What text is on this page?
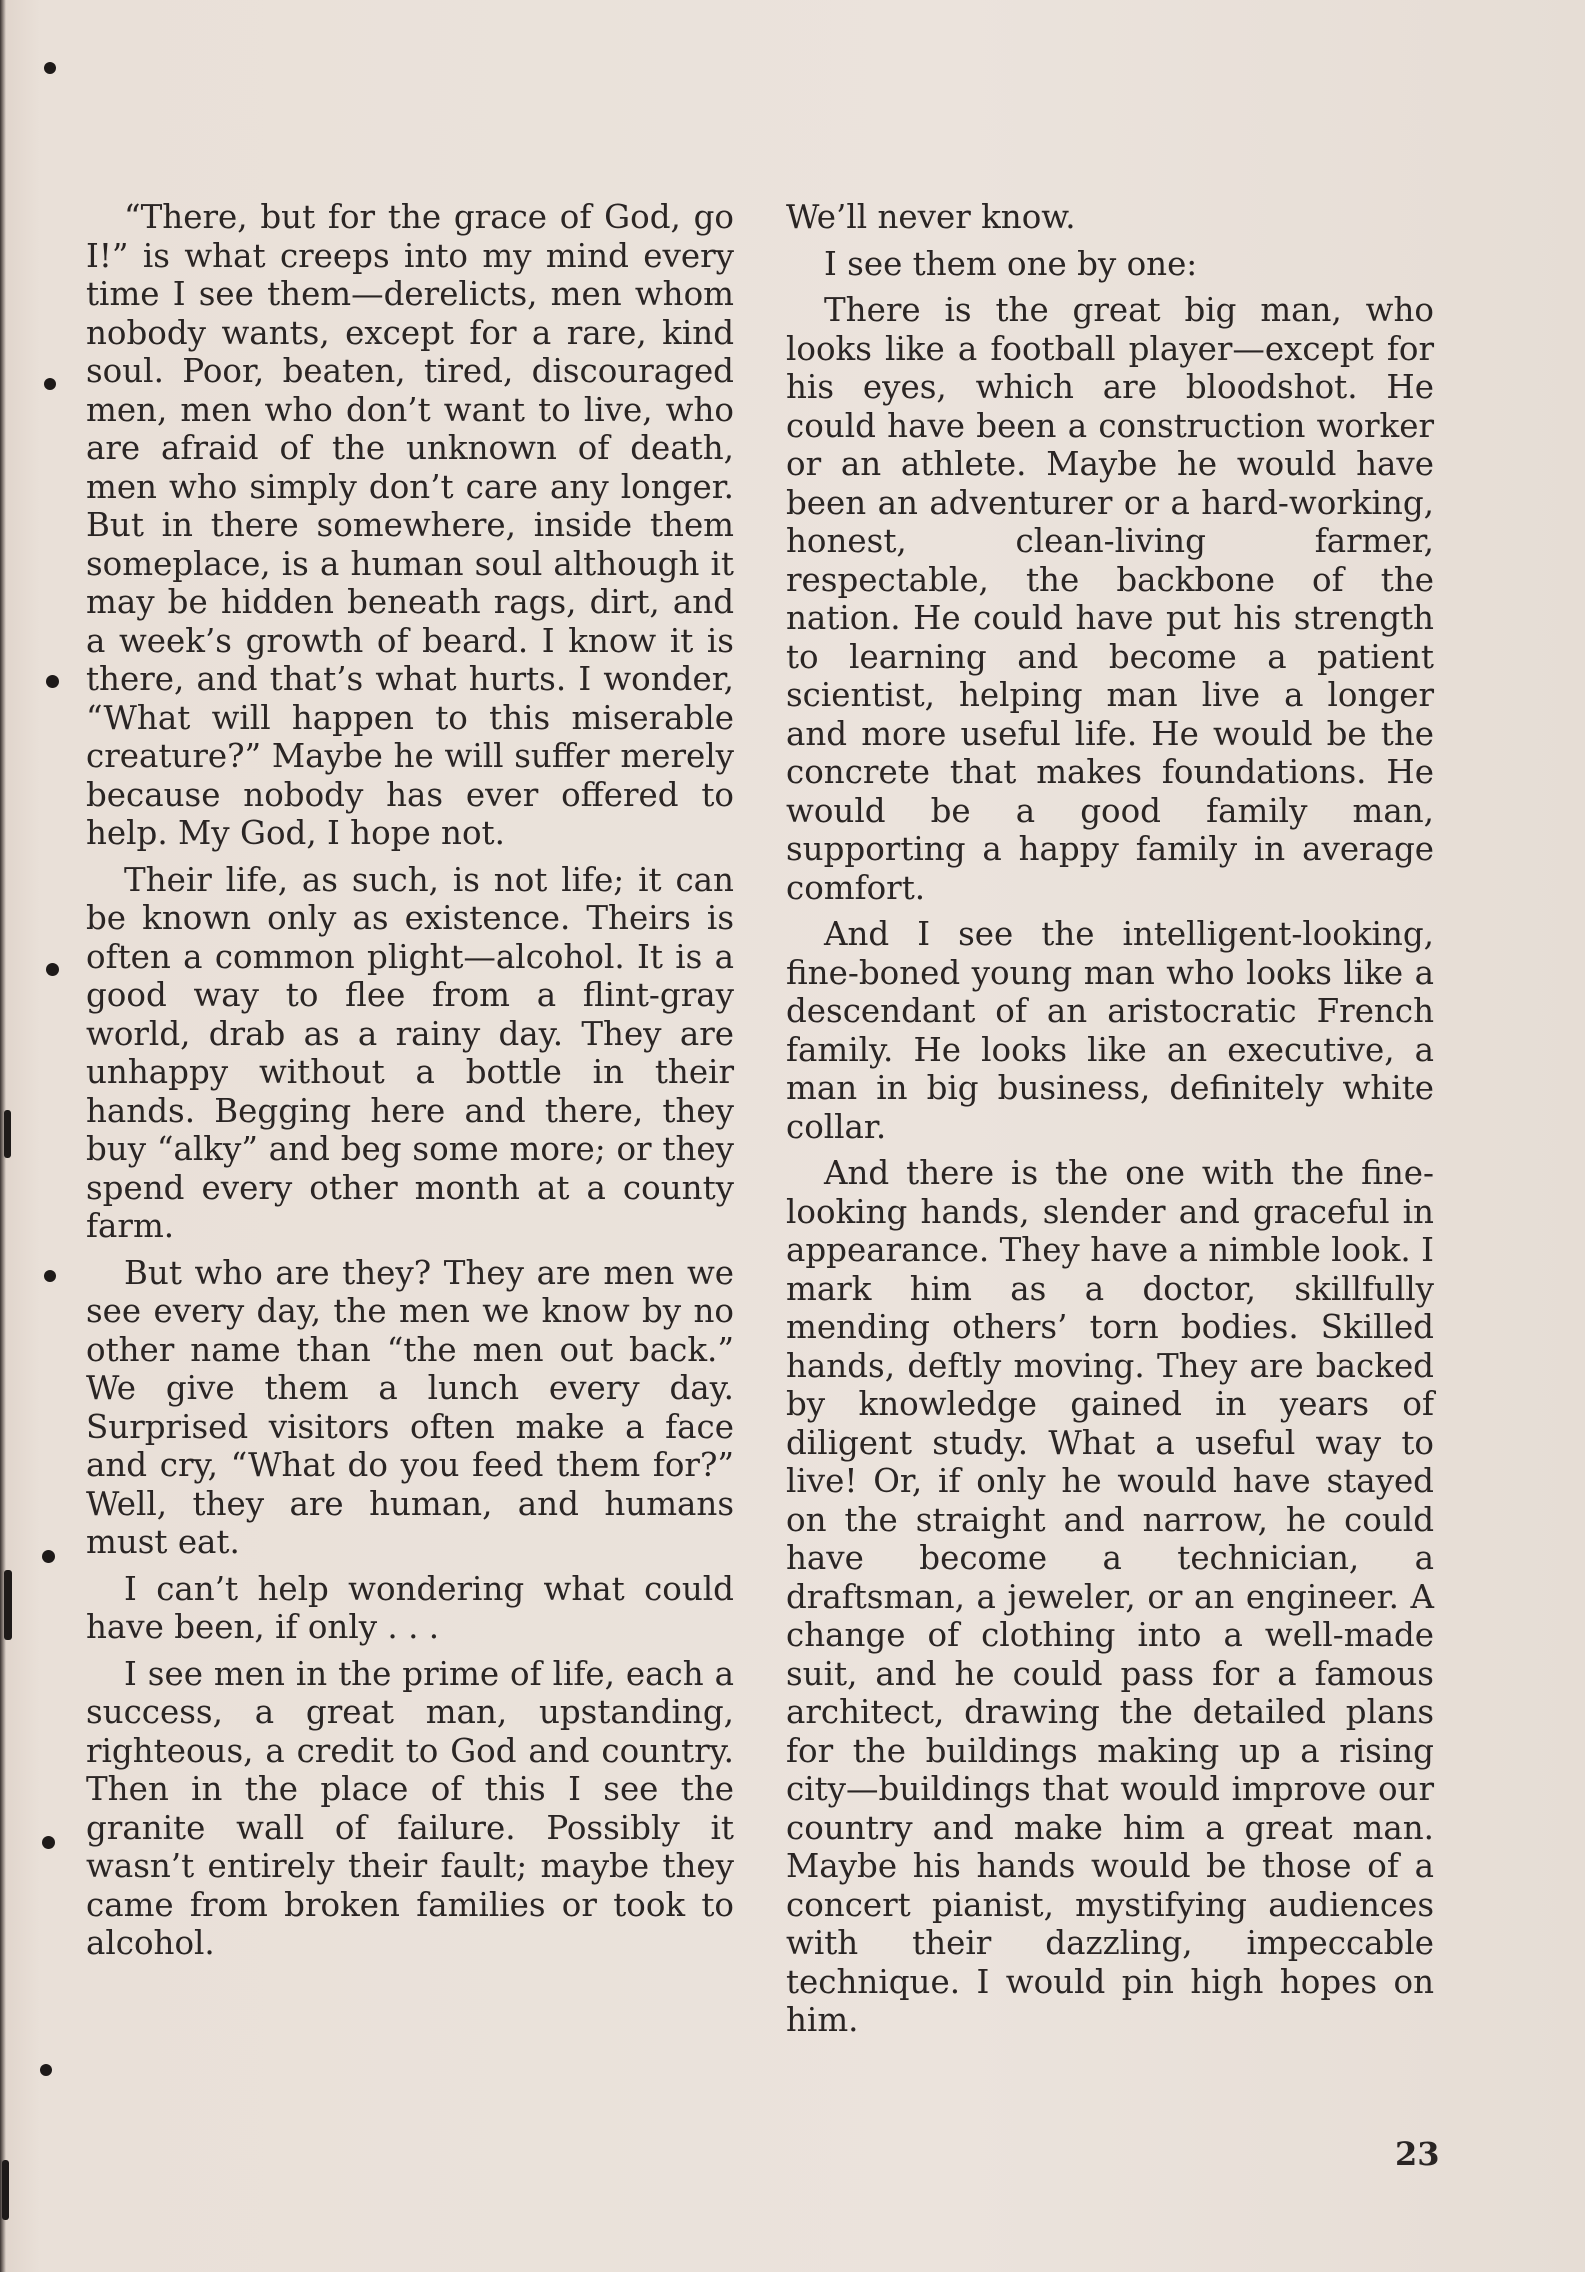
“There, but for the grace of God, go I!” is what creeps into my mind every time I see them—derelicts, men whom nobody wants, except for a rare, kind soul. Poor, beaten, tired, discouraged men, men who don’t want to live, who are afraid of the unknown of death, men who simply don’t care any longer. But in there somewhere, inside them someplace, is a human soul although it may be hidden beneath rags, dirt, and a week’s growth of beard. I know it is there, and that’s what hurts. I wonder, “What will happen to this miserable creature?” Maybe he will suffer merely because nobody has ever offered to help. My God, I hope not.

Their life, as such, is not life; it can be known only as existence. Theirs is often a common plight—alcohol. It is a good way to flee from a flint-gray world, drab as a rainy day. They are unhappy without a bottle in their hands. Begging here and there, they buy “alky” and beg some more; or they spend every other month at a county farm.

But who are they? They are men we see every day, the men we know by no other name than “the men out back.” We give them a lunch every day. Surprised visitors often make a face and cry, “What do you feed them for?” Well, they are human, and humans must eat.

I can’t help wondering what could have been, if only . . .

I see men in the prime of life, each a success, a great man, upstanding, righteous, a credit to God and country. Then in the place of this I see the granite wall of failure. Possibly it wasn’t entirely their fault; maybe they came from broken families or took to alcohol.

We’ll never know.

I see them one by one:

There is the great big man, who looks like a football player—except for his eyes, which are bloodshot. He could have been a construction worker or an athlete. Maybe he would have been an adventurer or a hard-working, honest, clean-living farmer, respectable, the backbone of the nation. He could have put his strength to learning and become a patient scientist, helping man live a longer and more useful life. He would be the concrete that makes foundations. He would be a good family man, supporting a happy family in average comfort.

And I see the intelligent-looking, fine-boned young man who looks like a descendant of an aristocratic French family. He looks like an executive, a man in big business, definitely white collar.

And there is the one with the fine-looking hands, slender and graceful in appearance. They have a nimble look. I mark him as a doctor, skillfully mending others’ torn bodies. Skilled hands, deftly moving. They are backed by knowledge gained in years of diligent study. What a useful way to live! Or, if only he would have stayed on the straight and narrow, he could have become a technician, a draftsman, a jeweler, or an engineer. A change of clothing into a well-made suit, and he could pass for a famous architect, drawing the detailed plans for the buildings making up a rising city—buildings that would improve our country and make him a great man. Maybe his hands would be those of a concert pianist, mystifying audiences with their dazzling, impeccable technique. I would pin high hopes on him.

23
